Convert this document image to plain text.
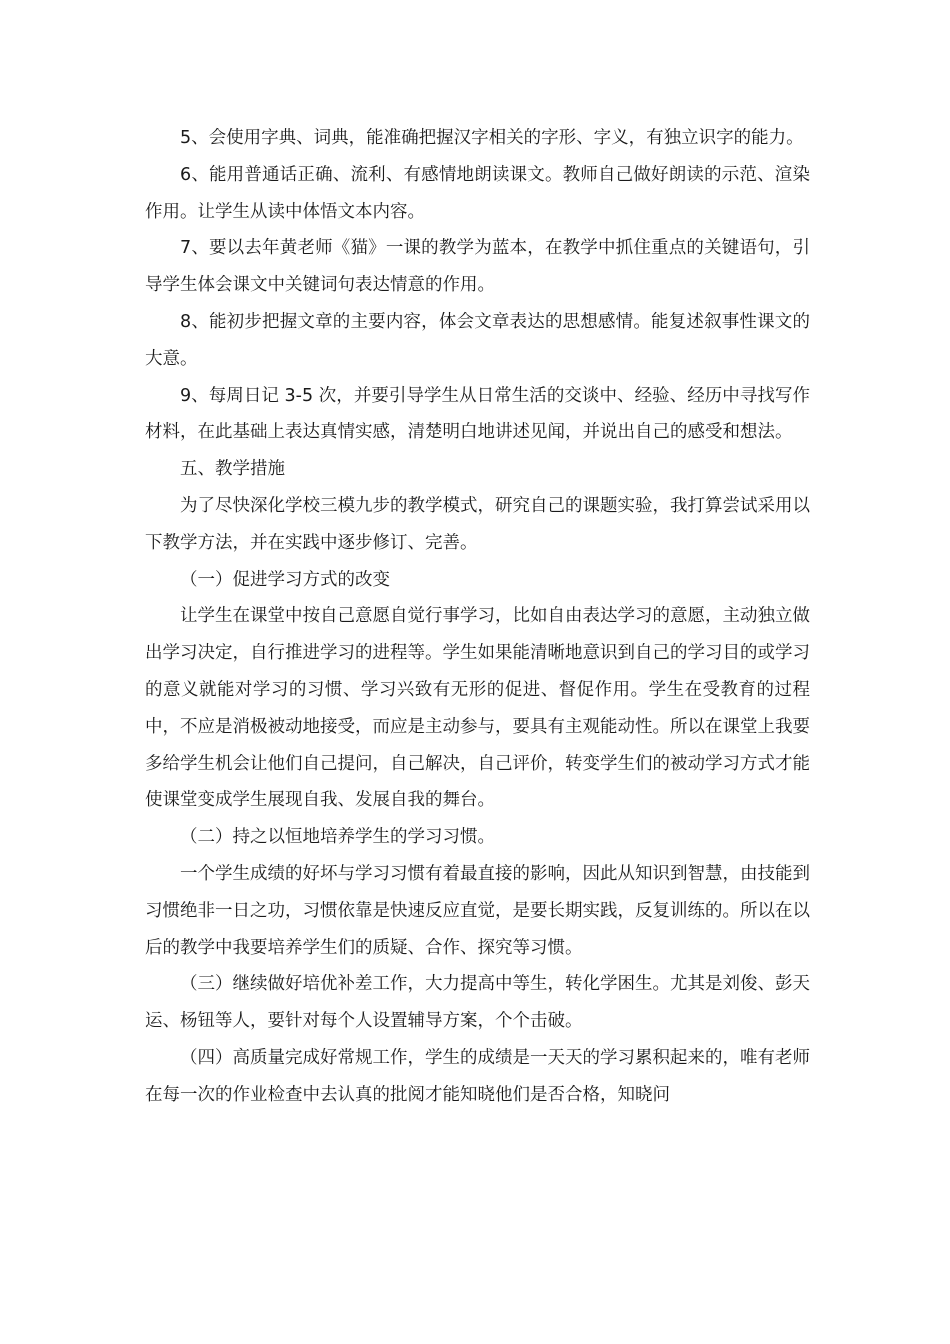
5、会使用字典、词典，能准确把握汉字相关的字形、字义，有独立识字的能力。

6、能用普通话正确、流利、有感情地朗读课文。教师自己做好朗读的示范、渲染作用。让学生从读中体悟文本内容。

7、要以去年黄老师《猫》一课的教学为蓝本，在教学中抓住重点的关键语句，引导学生体会课文中关键词句表达情意的作用。

8、能初步把握文章的主要内容，体会文章表达的思想感情。能复述叙事性课文的大意。

9、每周日记 3-5 次，并要引导学生从日常生活的交谈中、经验、经历中寻找写作材料，在此基础上表达真情实感，清楚明白地讲述见闻，并说出自己的感受和想法。

五、教学措施

为了尽快深化学校三模九步的教学模式，研究自己的课题实验，我打算尝试采用以下教学方法，并在实践中逐步修订、完善。

（一）促进学习方式的改变

让学生在课堂中按自己意愿自觉行事学习，比如自由表达学习的意愿，主动独立做出学习决定，自行推进学习的进程等。学生如果能清晰地意识到自己的学习目的或学习的意义就能对学习的习惯、学习兴致有无形的促进、督促作用。学生在受教育的过程中，不应是消极被动地接受，而应是主动参与，要具有主观能动性。所以在课堂上我要多给学生机会让他们自己提问，自己解决，自己评价，转变学生们的被动学习方式才能使课堂变成学生展现自我、发展自我的舞台。

（二）持之以恒地培养学生的学习习惯。

一个学生成绩的好坏与学习习惯有着最直接的影响，因此从知识到智慧，由技能到习惯绝非一日之功，习惯依靠是快速反应直觉，是要长期实践，反复训练的。所以在以后的教学中我要培养学生们的质疑、合作、探究等习惯。

（三）继续做好培优补差工作，大力提高中等生，转化学困生。尤其是刘俊、彭天运、杨钮等人，要针对每个人设置辅导方案，个个击破。

（四）高质量完成好常规工作，学生的成绩是一天天的学习累积起来的，唯有老师在每一次的作业检查中去认真的批阅才能知晓他们是否合格，知晓问
